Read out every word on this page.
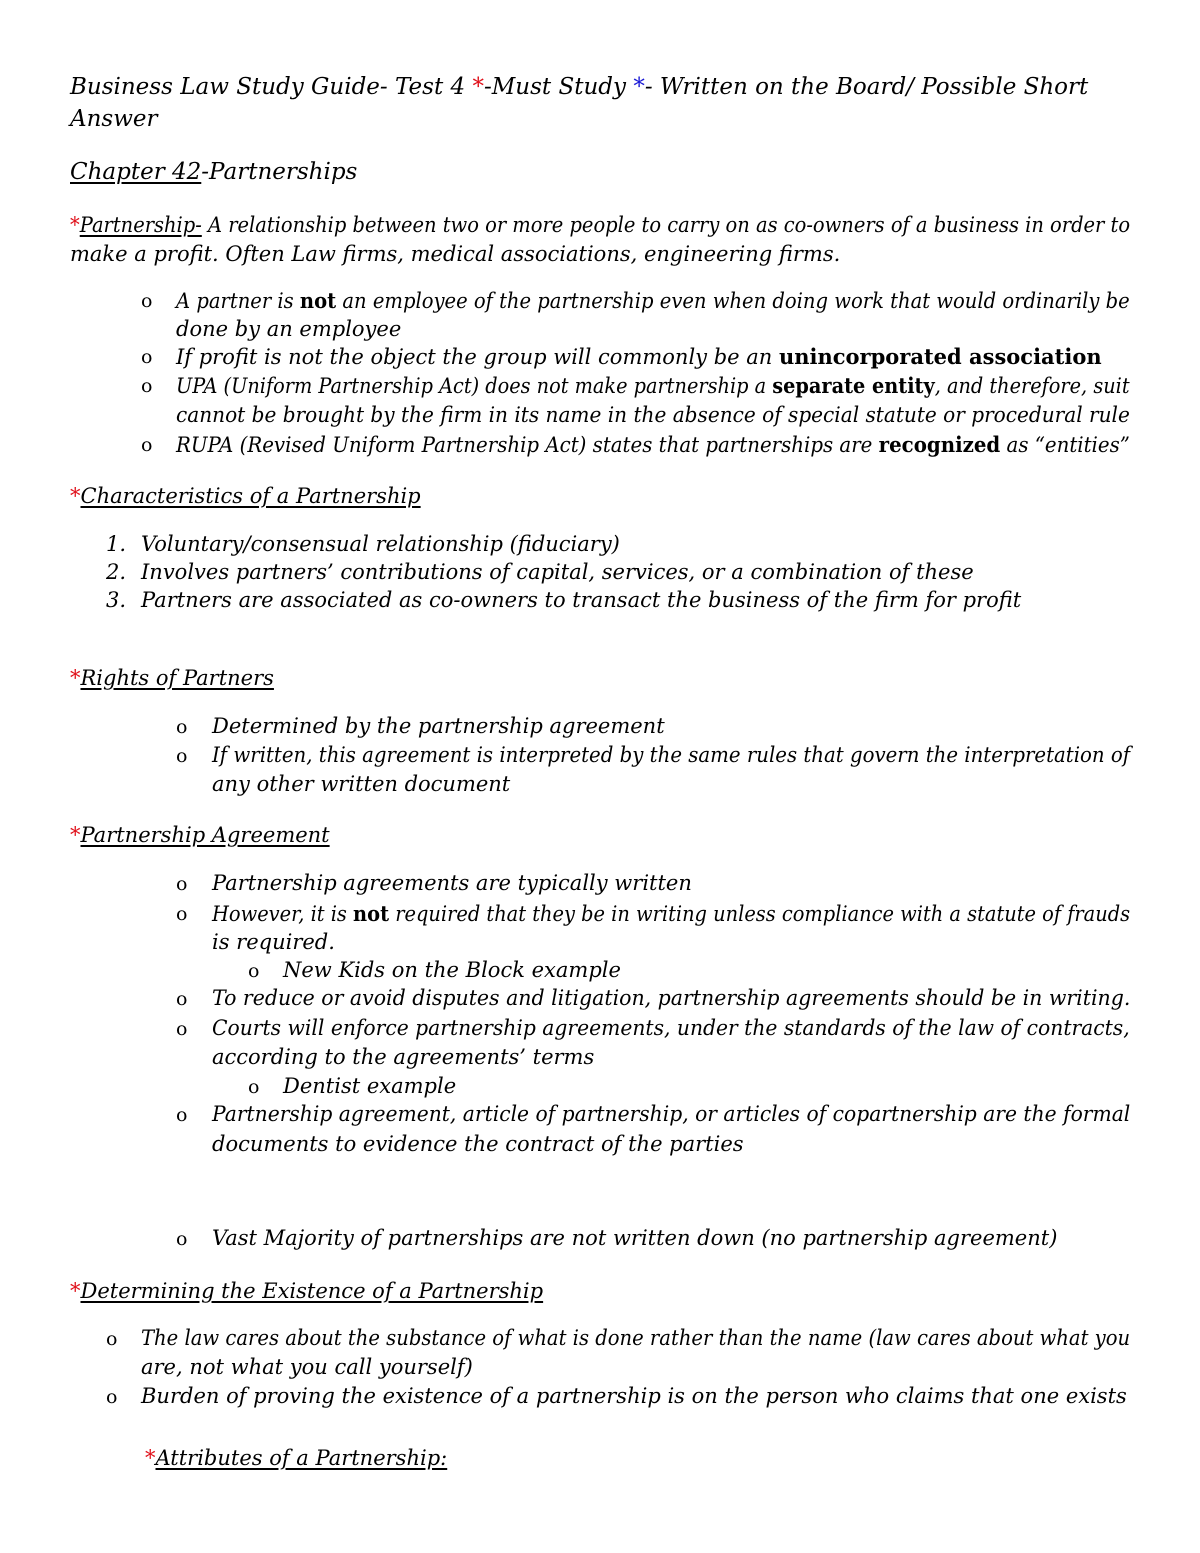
Business Law Study Guide- Test 4 *-Must Study *- Written on the Board/ Possible Short
Answer
Chapter 42-Partnerships
*Partnership- A relationship between two or more people to carry on as co-owners of a business in order to
make a profit. Often Law firms, medical associations, engineering firms.
o A partner is not an employee of the partnership even when doing work that would ordinarily be
done by an employee
o If profit is not the object the group will commonly be an unincorporated association
o UPA (Uniform Partnership Act) does not make partnership a separate entity, and therefore, suit
cannot be brought by the firm in its name in the absence of special statute or procedural rule
o RUPA (Revised Uniform Partnership Act) states that partnerships are recognized as “entities”
*Characteristics of a Partnership
1. Voluntary/consensual relationship (fiduciary)
2. Involves partners’ contributions of capital, services, or a combination of these
3. Partners are associated as co-owners to transact the business of the firm for profit
*Rights of Partners
o Determined by the partnership agreement
o If written, this agreement is interpreted by the same rules that govern the interpretation of
any other written document
*Partnership Agreement
o Partnership agreements are typically written
o However, it is not required that they be in writing unless compliance with a statute of frauds
is required.
o New Kids on the Block example
o To reduce or avoid disputes and litigation, partnership agreements should be in writing.
o Courts will enforce partnership agreements, under the standards of the law of contracts,
according to the agreements’ terms
o Dentist example
o Partnership agreement, article of partnership, or articles of copartnership are the formal
documents to evidence the contract of the parties
o Vast Majority of partnerships are not written down (no partnership agreement)
*Determining the Existence of a Partnership
o The law cares about the substance of what is done rather than the name (law cares about what you
are, not what you call yourself)
o Burden of proving the existence of a partnership is on the person who claims that one exists
*Attributes of a Partnership:
